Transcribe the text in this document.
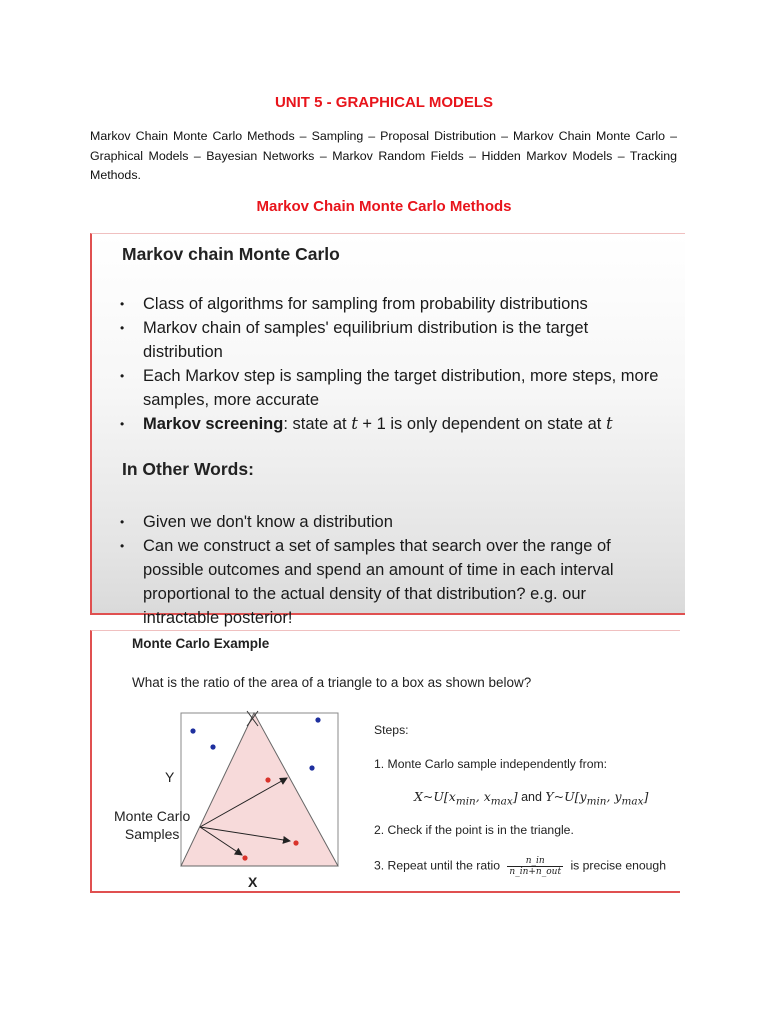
UNIT 5 - GRAPHICAL MODELS
Markov Chain Monte Carlo Methods – Sampling – Proposal Distribution – Markov Chain Monte Carlo – Graphical Models – Bayesian Networks – Markov Random Fields – Hidden Markov Models – Tracking Methods.
Markov Chain Monte Carlo Methods
Markov chain Monte Carlo
• Class of algorithms for sampling from probability distributions
• Markov chain of samples' equilibrium distribution is the target distribution
• Each Markov step is sampling the target distribution, more steps, more samples, more accurate
• Markov screening: state at t + 1 is only dependent on state at t
In Other Words:
• Given we don't know a distribution
• Can we construct a set of samples that search over the range of possible outcomes and spend an amount of time in each interval proportional to the actual density of that distribution? e.g. our intractable posterior!
Monte Carlo Example
What is the ratio of the area of a triangle to a box as shown below?
Y
X
Monte Carlo
Samples
Steps:
1. Monte Carlo sample independently from:
$X\sim U[x_{min}$, $x_{max}$] and $Y\sim U[y_{min}$, $y_{max}$]
2. Check if the point is in the triangle.
3. Repeat until the ratio $\frac{n\_in}{\text{n\_in+n\_out}}$ is precise enough
